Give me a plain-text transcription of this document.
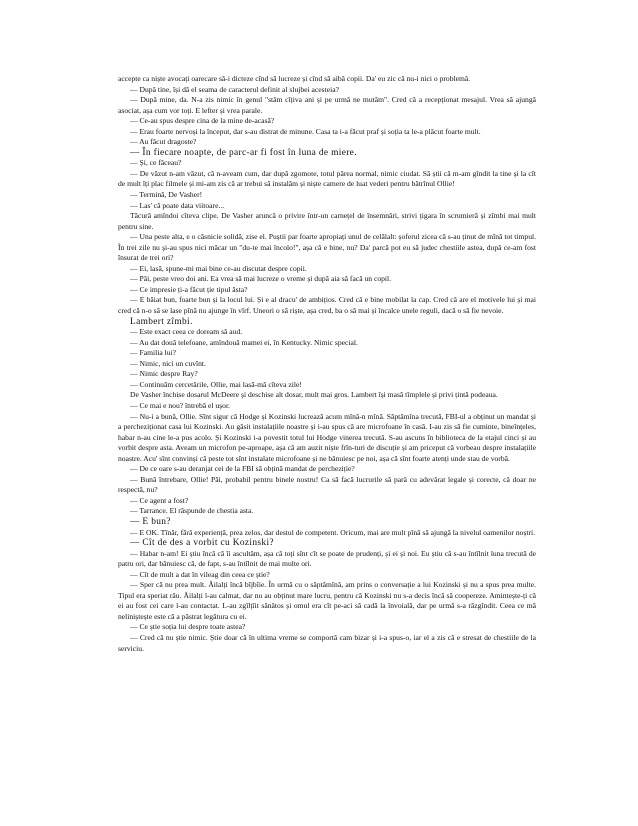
accepte ca niște avocați oarecare să-i dicteze cînd să lucreze și cînd să aibă copii. Da' eu zic că nu-i nici o problemă.

— După tine, își dă el seama de caracterul definit al slujbei acesteia?

— După mine, da. N-a zis nimic în genul "stăm cîțiva ani și pe urmă ne mutăm". Cred că a recepționat mesajul. Vrea să ajungă asociat, așa cum vor toți. E lefter și vrea parale.

— Ce-au spus despre cina de la mine de-acasă?

— Erau foarte nervoși la început, dar s-au distrat de minune. Casa ta i-a făcut praf și soția ta le-a plăcut foarte mult.

— Au făcut dragoste?

— În fiecare noapte, de parc-ar fi fost în luna de miere.

— Și, ce făceau?

— De văzut n-am văzut, că n-aveam cum, dar după zgomote, totul părea normal, nimic ciudat. Să știi că m-am gîndit la tine și la cît de mult îți plac filmele și mi-am zis că ar trebui să instalăm și niște camere de luat vederi pentru bătrînul Ollie!

— Termină, De Vasher!

— Las' că poate data viitoare...

Tăcură amîndoi cîteva clipe. De Vasher aruncă o privire într-un carnețel de însemnări, strivi țigara în scrumieră și zîmbi mai mult pentru sine.

— Una peste alta, e o căsnicie solidă, zise el. Puștii par foarte apropiați unul de celălalt: șoferul zicea că s-au ținut de mînă tot timpul. În trei zile nu și-au spus nici măcar un "du-te mai încolo!", așa că e bine, nu? Da' parcă pot eu să judec chestiile astea, după ce-am fost însurat de trei ori?

— Ei, lasă, spune-mi mai bine ce-au discutat despre copii.

— Păi, peste vreo doi ani. Ea vrea să mai lucreze o vreme și după aia să facă un copil.

— Ce impresie ți-a făcut ție tipul ăsta?

— E băiat bun, foarte bun și la locul lui. Și e al dracu' de ambițios. Cred că e bine mobilat la cap. Cred că are el motivele lui și mai cred că n-o să se lase pînă nu ajunge în vîrf. Uneori o să riște, așa cred, ba o să mai și încalce unele reguli, dacă o să fie nevoie.

Lambert zîmbi.

— Este exact ceea ce doream să aud.

— Au dat două telefoane, amîndouă mamei ei, în Kentucky. Nimic special.

— Familia lui?

— Nimic, nici un cuvînt.

— Nimic despre Ray?

— Continuăm cercetările, Ollie, mai lasă-mă cîteva zile!

De Vasher închise dosarul McDeere și deschise alt dosar, mult mai gros. Lambert își masă tîmplele și privi țintă podeaua.

— Ce mai e nou? întrebă el ușor.

— Nu-i a bună, Ollie. Sînt sigur că Hodge și Kozinski lucrează acum mînă-n mînă. Săptămîna trecută, FBI-ul a obținut un mandat și a percheziționat casa lui Kozinski. Au găsit instalațiile noastre și i-au spus că are microfoane în casă. I-au zis să fie cuminte, bineînțeles, habar n-au cine le-a pus acolo. Și Kozinski i-a povestit totul lui Hodge vinerea trecută. S-au ascuns în biblioteca de la etajul cinci și au vorbit despre asta. Aveam un microfon pe-aproape, așa că am auzit niște frîn-turi de discuție și am priceput că vorbeau despre instalațiile noastre. Acu' sînt convinși că peste tot sînt instalate microfoane și ne bănuiesc pe noi, așa că sînt foarte atenți unde stau de vorbă.

— De ce oare s-au deranjat cei de la FBI să obțină mandat de percheziție?

— Bună întrebare, Ollie! Păi, probabil pentru binele nostru! Ca să facă lucrurile să pară cu adevărat legale și corecte, că doar ne respectă, nu?

— Ce agent a fost?

— Tarrance. El răspunde de chestia asta.

— E bun?

— E OK. Tînăr, fără experiență, prea zelos, dar destul de competent. Oricum, mai are mult pînă să ajungă la nivelul oamenilor noștri.

— Cît de des a vorbit cu Kozinski?

— Habar n-am! Ei știu încă că îi ascultăm, așa că toți sînt cît se poate de prudenți, și ei și noi. Eu știu că s-au întîlnit luna trecută de patru ori, dar bănuiesc că, de fapt, s-au întîlnit de mai multe ori.

— Cît de mult a dat în vileag din ceea ce știe?

— Sper că nu prea mult. Ăilalți încă bîjbîie. În urmă cu o săptămînă, am prins o conversație a lui Kozinski și nu a spus prea multe. Tipul era speriat rău. Ăilalți l-au calmat, dar nu au obținut mare lucru, pentru că Kozinski nu s-a decis încă să coopereze. Amintește-ți că ei au fost cei care l-au contactat. L-au zgîlțîit sănătos și omul era cît pe-aci să cadă la învoială, dar pe urmă s-a răzgîndit. Ceea ce mă neliniștește este că a păstrat legătura cu ei.

— Ce știe soția lui despre toate astea?

— Cred că nu știe nimic. Știe doar că în ultima vreme se comportă cam bizar și i-a spus-o, iar el a zis că e stresat de chestiile de la serviciu.
